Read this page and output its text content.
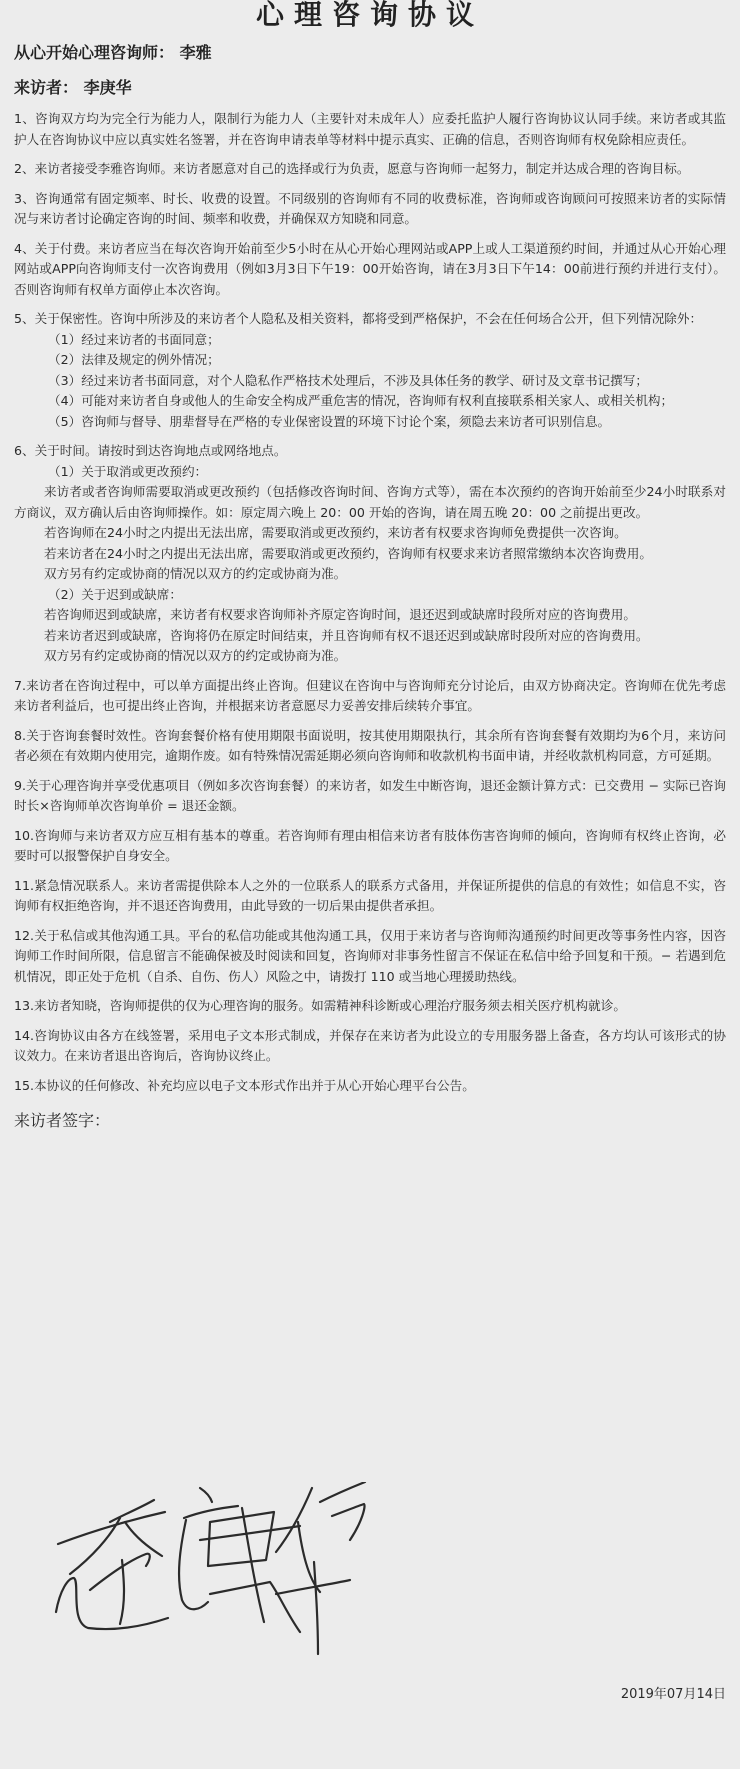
心理咨询协议

从心开始心理咨询师： 李雅

来访者： 李庚华

1、咨询双方均为完全行为能力人，限制行为能力人（主要针对未成年人）应委托监护人履行咨询协议认同手续。来访者或其监护人在咨询协议中应以真实姓名签署，并在咨询申请表单等材料中提示真实、正确的信息，否则咨询师有权免除相应责任。

2、来访者接受李雅咨询师。来访者愿意对自己的选择或行为负责，愿意与咨询师一起努力，制定并达成合理的咨询目标。

3、咨询通常有固定频率、时长、收费的设置。不同级别的咨询师有不同的收费标准，咨询师或咨询顾问可按照来访者的实际情况与来访者讨论确定咨询的时间、频率和收费，并确保双方知晓和同意。

4、关于付费。来访者应当在每次咨询开始前至少5小时在从心开始心理网站或APP上或人工渠道预约时间，并通过从心开始心理网站或APP向咨询师支付一次咨询费用（例如3月3日下午19：00开始咨询，请在3月3日下午14：00前进行预约并进行支付）。否则咨询师有权单方面停止本次咨询。

5、关于保密性。咨询中所涉及的来访者个人隐私及相关资料，都将受到严格保护，不会在任何场合公开，但下列情况除外：

（1）经过来访者的书面同意；

（2）法律及规定的例外情况；

（3）经过来访者书面同意，对个人隐私作严格技术处理后，不涉及具体任务的教学、研讨及文章书记撰写；

（4）可能对来访者自身或他人的生命安全构成严重危害的情况，咨询师有权利直接联系相关家人、或相关机构；

（5）咨询师与督导、朋辈督导在严格的专业保密设置的环境下讨论个案，须隐去来访者可识别信息。

6、关于时间。请按时到达咨询地点或网络地点。

（1）关于取消或更改预约：

来访者或者咨询师需要取消或更改预约（包括修改咨询时间、咨询方式等），需在本次预约的咨询开始前至少24小时联系对方商议，双方确认后由咨询师操作。如：原定周六晚上 20：00 开始的咨询，请在周五晚 20：00 之前提出更改。

若咨询师在24小时之内提出无法出席，需要取消或更改预约，来访者有权要求咨询师免费提供一次咨询。

若来访者在24小时之内提出无法出席，需要取消或更改预约，咨询师有权要求来访者照常缴纳本次咨询费用。

双方另有约定或协商的情况以双方的约定或协商为准。

（2）关于迟到或缺席：

若咨询师迟到或缺席，来访者有权要求咨询师补齐原定咨询时间，退还迟到或缺席时段所对应的咨询费用。

若来访者迟到或缺席，咨询将仍在原定时间结束，并且咨询师有权不退还迟到或缺席时段所对应的咨询费用。

双方另有约定或协商的情况以双方的约定或协商为准。

7.来访者在咨询过程中，可以单方面提出终止咨询。但建议在咨询中与咨询师充分讨论后，由双方协商决定。咨询师在优先考虑来访者利益后，也可提出终止咨询，并根据来访者意愿尽力妥善安排后续转介事宜。

8.关于咨询套餐时效性。咨询套餐价格有使用期限书面说明，按其使用期限执行，其余所有咨询套餐有效期均为6个月，来访问者必须在有效期内使用完，逾期作废。如有特殊情况需延期必须向咨询师和收款机构书面申请，并经收款机构同意，方可延期。

9.关于心理咨询并享受优惠项目（例如多次咨询套餐）的来访者，如发生中断咨询，退还金额计算方式：已交费用 − 实际已咨询时长×咨询师单次咨询单价 = 退还金额。

10.咨询师与来访者双方应互相有基本的尊重。若咨询师有理由相信来访者有肢体伤害咨询师的倾向，咨询师有权终止咨询，必要时可以报警保护自身安全。

11.紧急情况联系人。来访者需提供除本人之外的一位联系人的联系方式备用，并保证所提供的信息的有效性；如信息不实，咨询师有权拒绝咨询，并不退还咨询费用，由此导致的一切后果由提供者承担。

12.关于私信或其他沟通工具。平台的私信功能或其他沟通工具，仅用于来访者与咨询师沟通预约时间更改等事务性内容，因咨询师工作时间所限，信息留言不能确保被及时阅读和回复，咨询师对非事务性留言不保证在私信中给予回复和干预。− 若遇到危机情况，即正处于危机（自杀、自伤、伤人）风险之中，请拨打 110 或当地心理援助热线。

13.来访者知晓，咨询师提供的仅为心理咨询的服务。如需精神科诊断或心理治疗服务须去相关医疗机构就诊。

14.咨询协议由各方在线签署，采用电子文本形式制成，并保存在来访者为此设立的专用服务器上备查，各方均认可该形式的协议效力。在来访者退出咨询后，咨询协议终止。

15.本协议的任何修改、补充均应以电子文本形式作出并于从心开始心理平台公告。

来访者签字：
2019年07月14日
